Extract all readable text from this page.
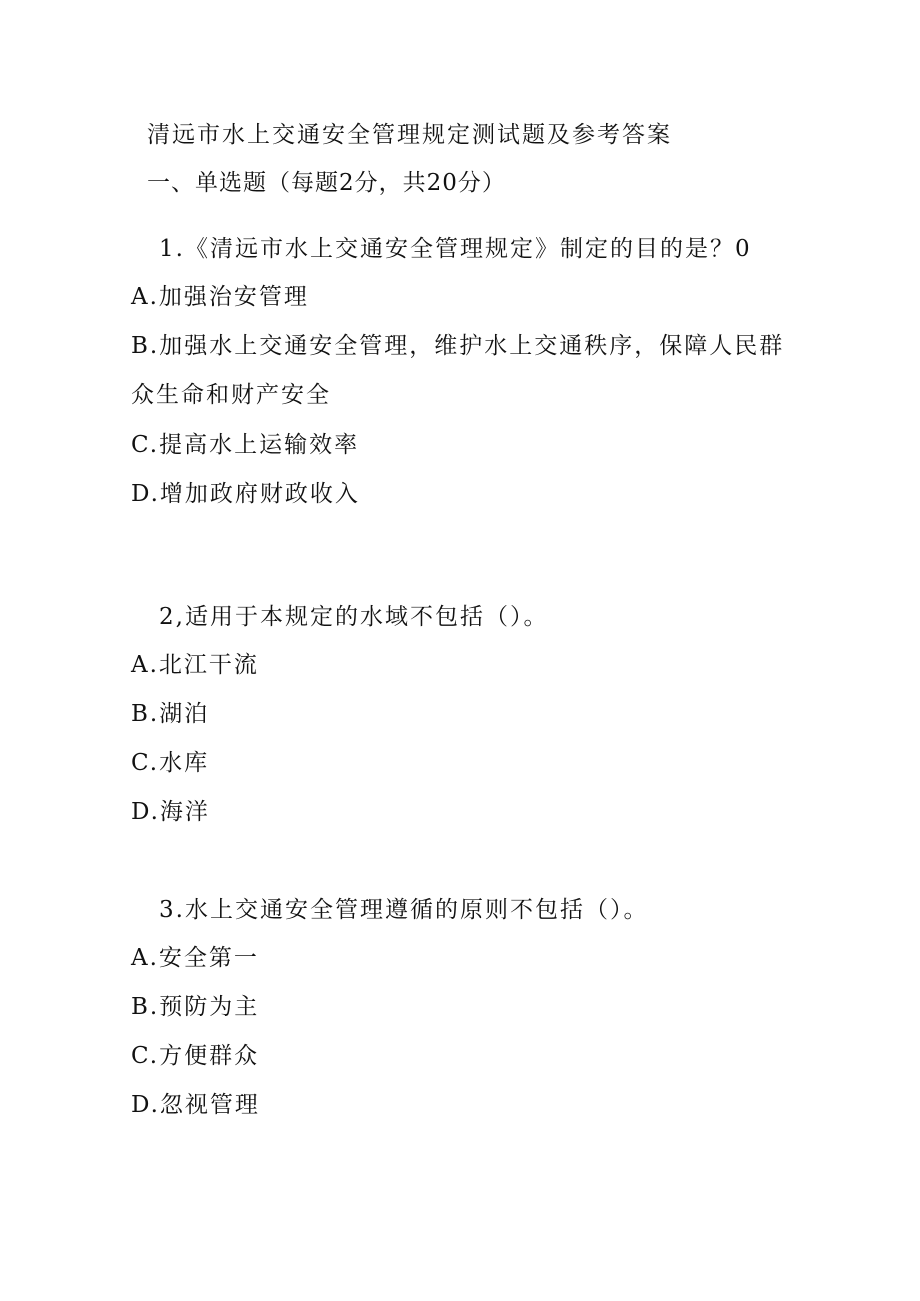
清远市水上交通安全管理规定测试题及参考答案
一、单选题（每题2分，共20分）
1.《清远市水上交通安全管理规定》制定的目的是？0
A.加强治安管理
B.加强水上交通安全管理，维护水上交通秩序，保障人民群众生命和财产安全
C.提高水上运输效率
D.增加政府财政收入
2,适用于本规定的水域不包括（）。
A.北江干流
B.湖泊
C.水库
D.海洋
3.水上交通安全管理遵循的原则不包括（）。
A.安全第一
B.预防为主
C.方便群众
D.忽视管理
